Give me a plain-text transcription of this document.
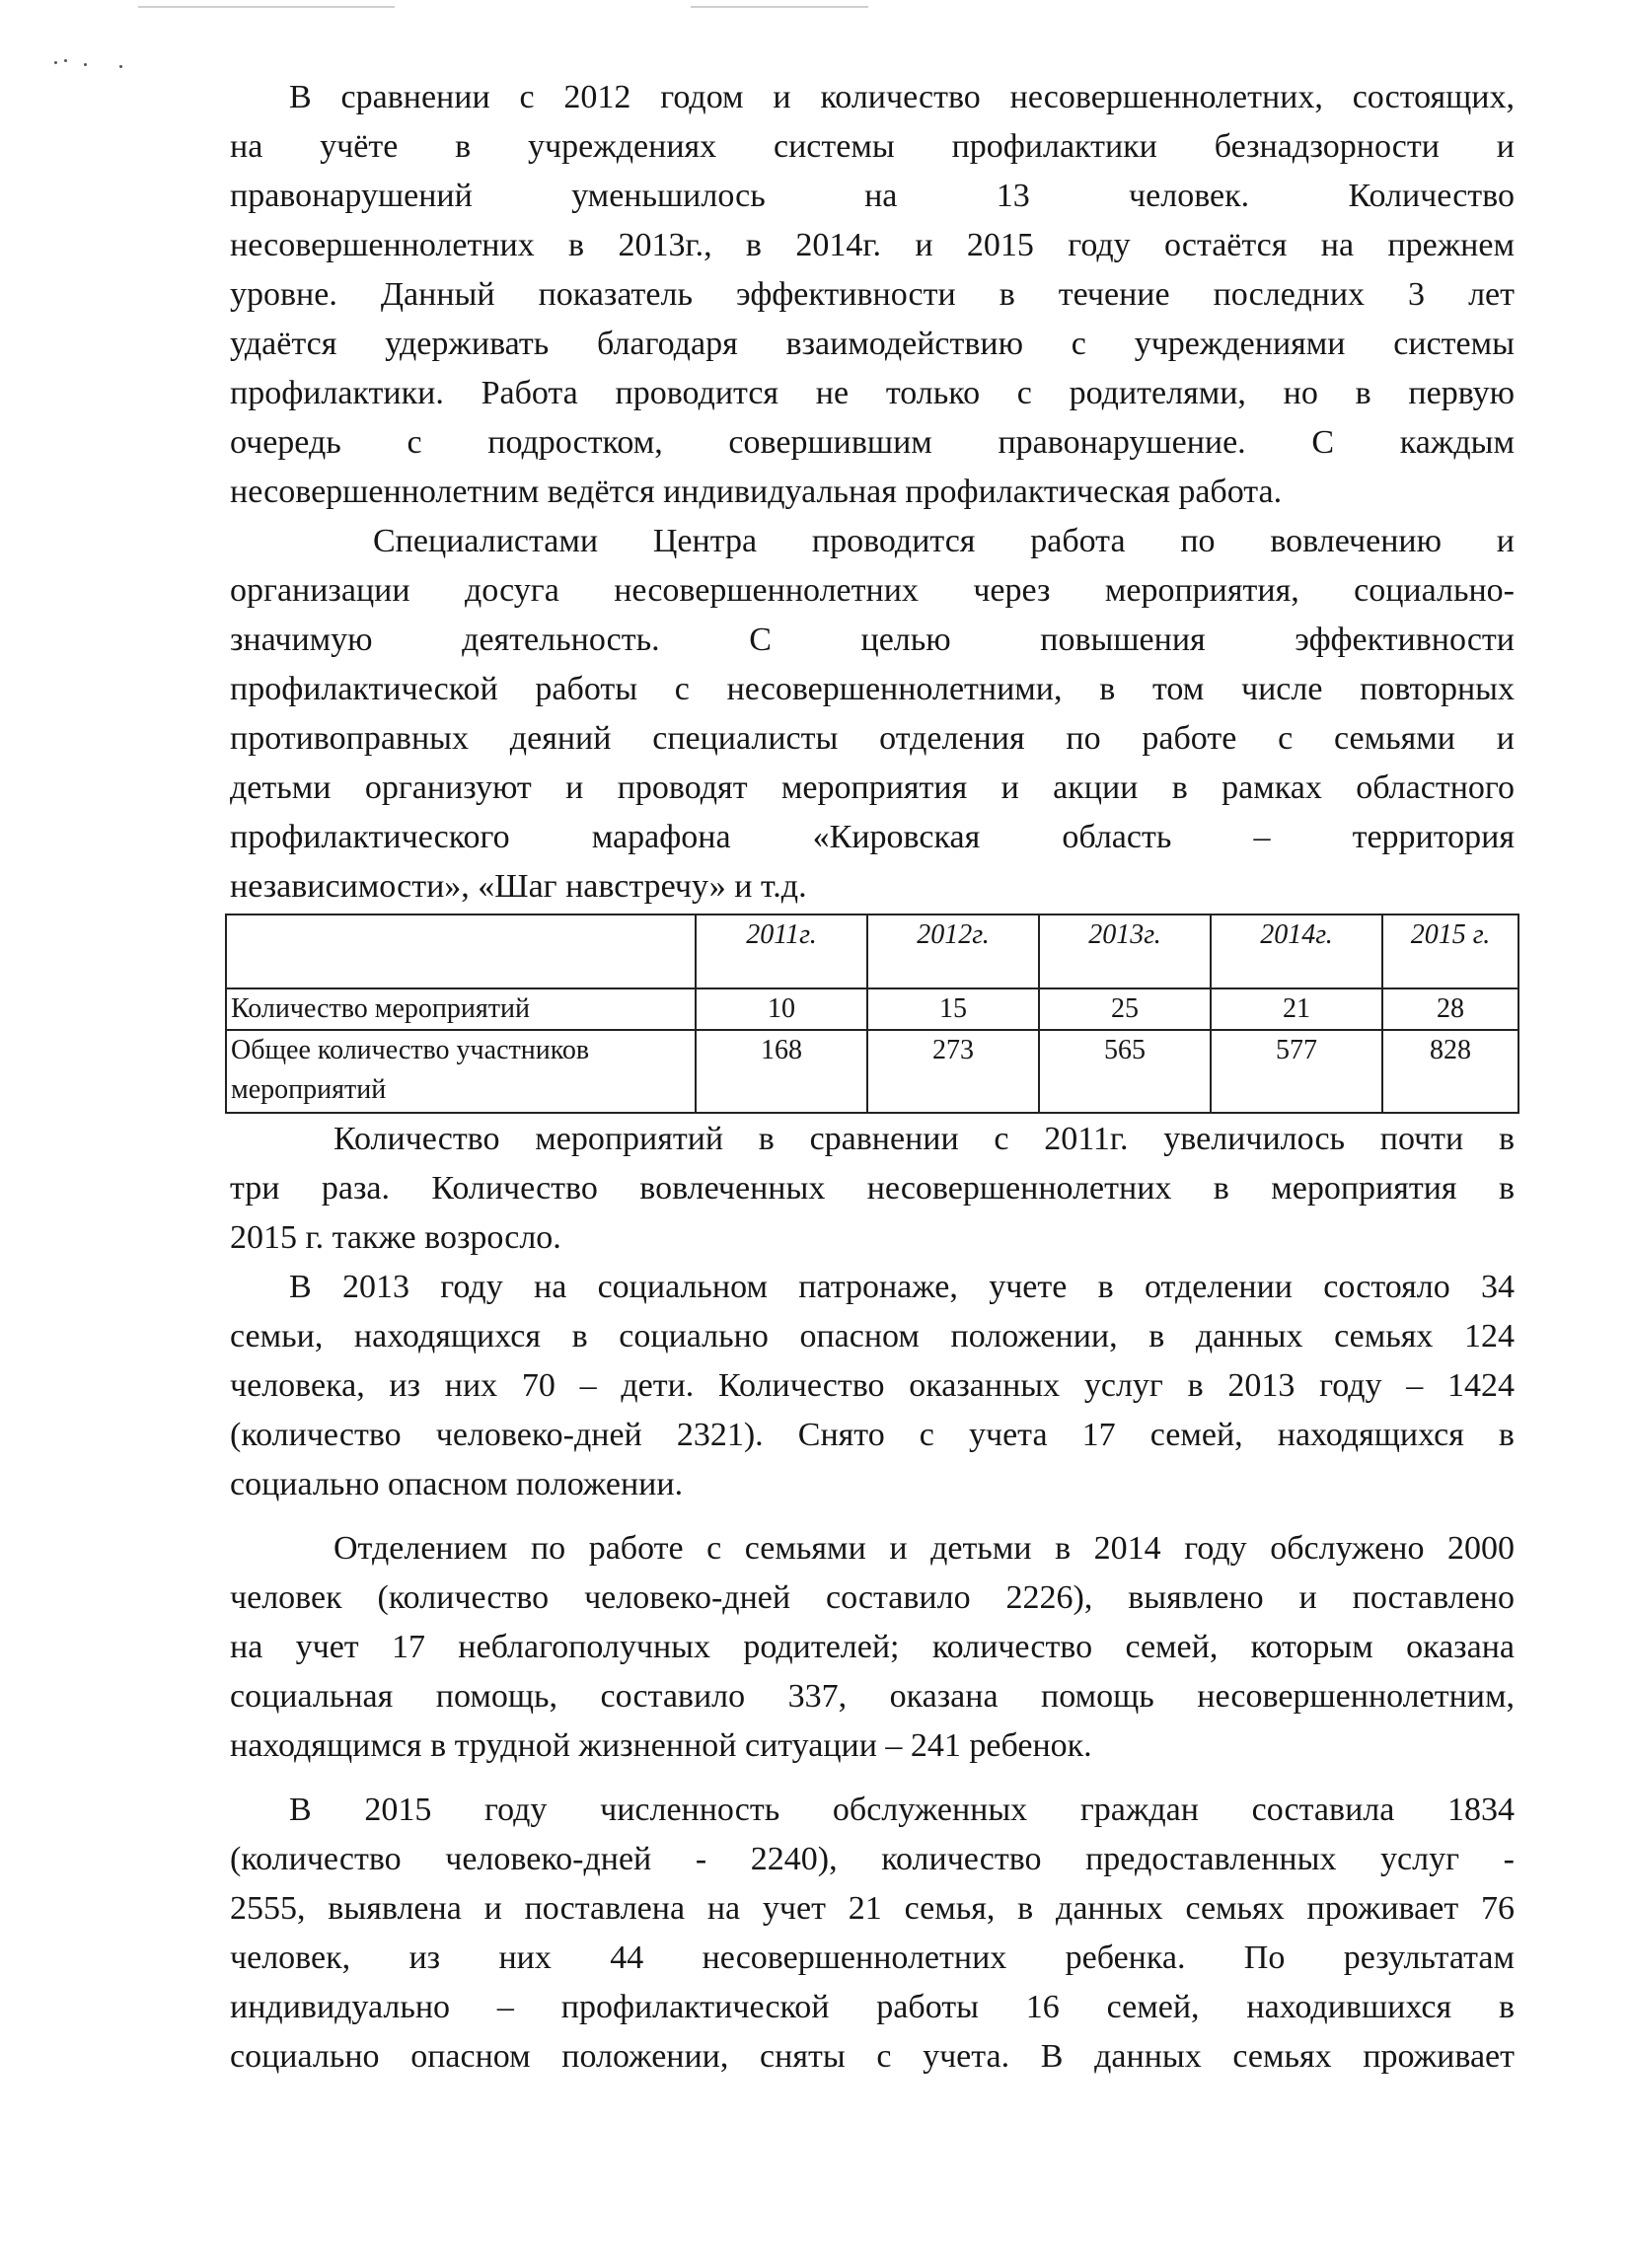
В сравнении с 2012 годом и количество несовершеннолетних, состоящих,
на учёте в учреждениях системы профилактики безнадзорности и
правонарушений уменьшилось на 13 человек. Количество
несовершеннолетних в 2013г., в 2014г. и 2015 году остаётся на прежнем
уровне. Данный показатель эффективности в течение последних 3 лет
удаётся удерживать благодаря взаимодействию с учреждениями системы
профилактики. Работа проводится не только с родителями, но в первую
очередь с подростком, совершившим правонарушение. С каждым
несовершеннолетним ведётся индивидуальная профилактическая работа.
Специалистами Центра проводится работа по вовлечению и
организации досуга несовершеннолетних через мероприятия, социально-
значимую деятельность. С целью повышения эффективности
профилактической работы с несовершеннолетними, в том числе повторных
противоправных деяний специалисты отделения по работе с семьями и
детьми организуют и проводят мероприятия и акции в рамках областного
профилактического марафона «Кировская область – территория
независимости», «Шаг навстречу» и т.д.
	2011г.	2012г.	2013г.	2014г.	2015 г.
Количество мероприятий	10	15	25	21	28
Общее количество участников мероприятий	168	273	565	577	828
Количество мероприятий в сравнении с 2011г. увеличилось почти в
три раза. Количество вовлеченных несовершеннолетних в мероприятия в
2015 г. также возросло.
В 2013 году на социальном патронаже, учете в отделении состояло 34
семьи, находящихся в социально опасном положении, в данных семьях 124
человека, из них 70 – дети. Количество оказанных услуг в 2013 году – 1424
(количество человеко-дней 2321). Снято с учета 17 семей, находящихся в
социально опасном положении.
Отделением по работе с семьями и детьми в 2014 году обслужено 2000
человек (количество человеко-дней составило 2226), выявлено и поставлено
на учет 17 неблагополучных родителей; количество семей, которым оказана
социальная помощь, составило 337, оказана помощь несовершеннолетним,
находящимся в трудной жизненной ситуации – 241 ребенок.
В 2015 году численность обслуженных граждан составила 1834
(количество человеко-дней - 2240), количество предоставленных услуг -
2555, выявлена и поставлена на учет 21 семья, в данных семьях проживает 76
человек, из них 44 несовершеннолетних ребенка. По результатам
индивидуально – профилактической работы 16 семей, находившихся в
социально опасном положении, сняты с учета. В данных семьях проживает
